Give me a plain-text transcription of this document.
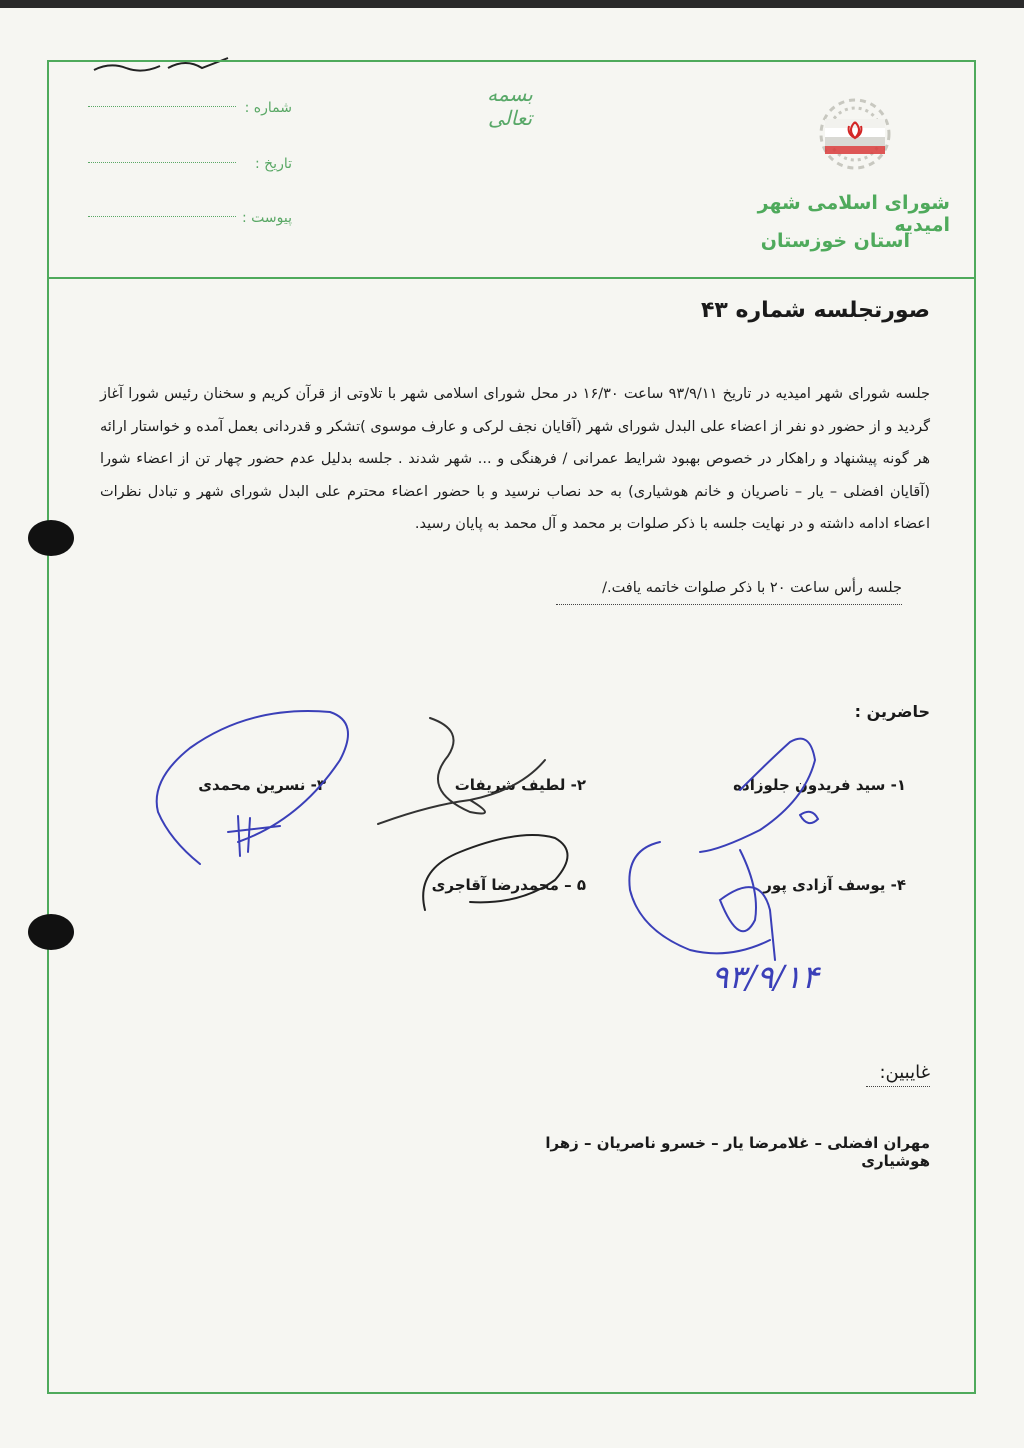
شماره :
تاریخ :
پیوست :
بسمه تعالی
شورای اسلامی شهر امیدیه
استان خوزستان
صورتجلسه شماره ۴۳

جلسه شورای شهر امیدیه در تاریخ ۹۳/۹/۱۱ ساعت ۱۶/۳۰ در محل شورای اسلامی شهر با تلاوتی از قرآن کریم و سخنان رئیس شورا آغاز گردید و از حضور دو نفر از اعضاء علی البدل شورای شهر (آقایان نجف لرکی و عارف موسوی )تشکر و قدردانی بعمل آمده و خواستار ارائه هر گونه پیشنهاد و راهکار در خصوص بهبود شرایط عمرانی / فرهنگی و ... شهر شدند . جلسه بدلیل عدم حضور چهار تن از اعضاء شورا (آقایان افضلی – یار – ناصریان و خانم هوشیاری) به حد نصاب نرسید و با حضور اعضاء محترم علی البدل شورای شهر و تبادل نظرات اعضاء ادامه داشته و در نهایت جلسه با ذکر صلوات بر محمد و آل محمد به پایان رسید.

جلسه رأس ساعت ۲۰ با ذکر صلوات خاتمه یافت./
حاضرین :
۱- سید فریدون جلوزاده
۲- لطیف شریفات
۳- نسرین محمدی
۴- یوسف آزادی پور
۵ – محمدرضا آقاجری
۹۳/۹/۱۴
غایبین:
مهران افضلی – غلامرضا یار – خسرو ناصریان – زهرا هوشیاری
